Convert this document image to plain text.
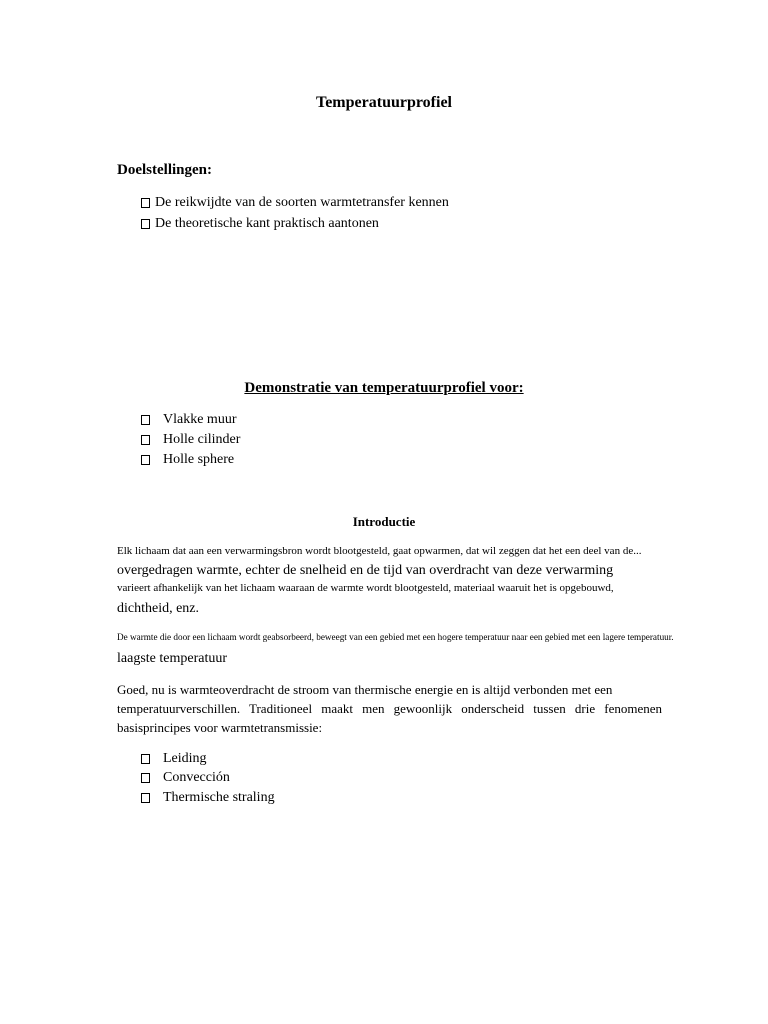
Temperatuurprofiel
Doelstellingen:
De reikwijdte van de soorten warmtetransfer kennen
De theoretische kant praktisch aantonen
Demonstratie van temperatuurprofiel voor:
Vlakke muur
Holle cilinder
Holle sphere
Introductie
Elk lichaam dat aan een verwarmingsbron wordt blootgesteld, gaat opwarmen, dat wil zeggen dat het een deel van de...
overgedragen warmte, echter de snelheid en de tijd van overdracht van deze verwarming
varieert afhankelijk van het lichaam waaraan de warmte wordt blootgesteld, materiaal waaruit het is opgebouwd,
dichtheid, enz.
De warmte die door een lichaam wordt geabsorbeerd, beweegt van een gebied met een hogere temperatuur naar een gebied met een lagere temperatuur.
laagste temperatuur
Goed, nu is warmteoverdracht de stroom van thermische energie en is altijd verbonden met een
temperatuurverschillen. Traditioneel maakt men gewoonlijk onderscheid tussen drie fenomenen
basisprincipes voor warmtetransmissie:
Leiding
Convección
Thermische straling
